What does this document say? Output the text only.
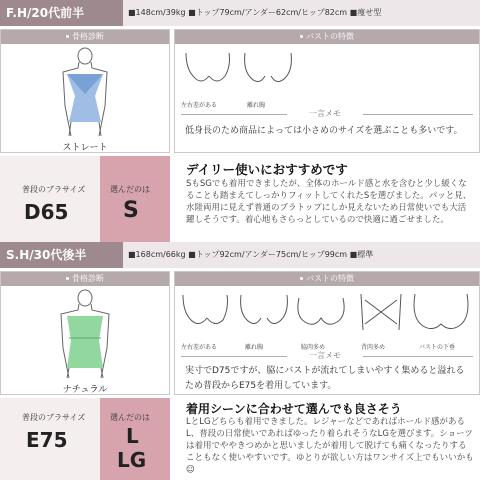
F.H/20代前半	■148cm/39kg ■トップ79cm/アンダー62cm/ヒップ82cm ■痩せ型
骨格診断
ストレート
バストの特徴
左右差がある	離れ胸
一言メモ
低身長のため商品によっては小さめのサイズを選ぶことも多いです。
普段のブラサイズ
D65
選んだのは
S
デイリー使いにおすすめです
SもSGでも着用できましたが、全体のホールド感と水を含むと少し緩くなることも踏まえてしっかりフィットしてくれたSを選びました。パッと見、水陸両用に見えず普通のブラトップにしか見えないため日常使いでも大活躍しそうです。着心地もさらっとしているので快適に過ごせました。
S.H/30代後半	■168cm/66kg ■トップ92cm/アンダー75cm/ヒップ99cm ■標準
骨格診断
ナチュラル
バストの特徴
左右差がある	離れ胸	脇肉多め	背肉多め	バストの下垂
一言メモ
実寸でD75ですが、脇にバストが流れてしまいやすく集めると溢れるため普段からE75を着用しています。
普段のブラサイズ
E75
選んだのは
L
LG
着用シーンに合わせて選んでも良さそう
LとLGどちらも着用できました。レジャーなどであればホールド感があるL、普段の日常使いであればゆったり着られそうなLGを選びます。ショーツは着用でややきつめかと思いましたが着用して脱げても痛くなったりすることもなく使いやすいです。ゆとりが欲しい方はワンサイズ上でもいいかも☺
